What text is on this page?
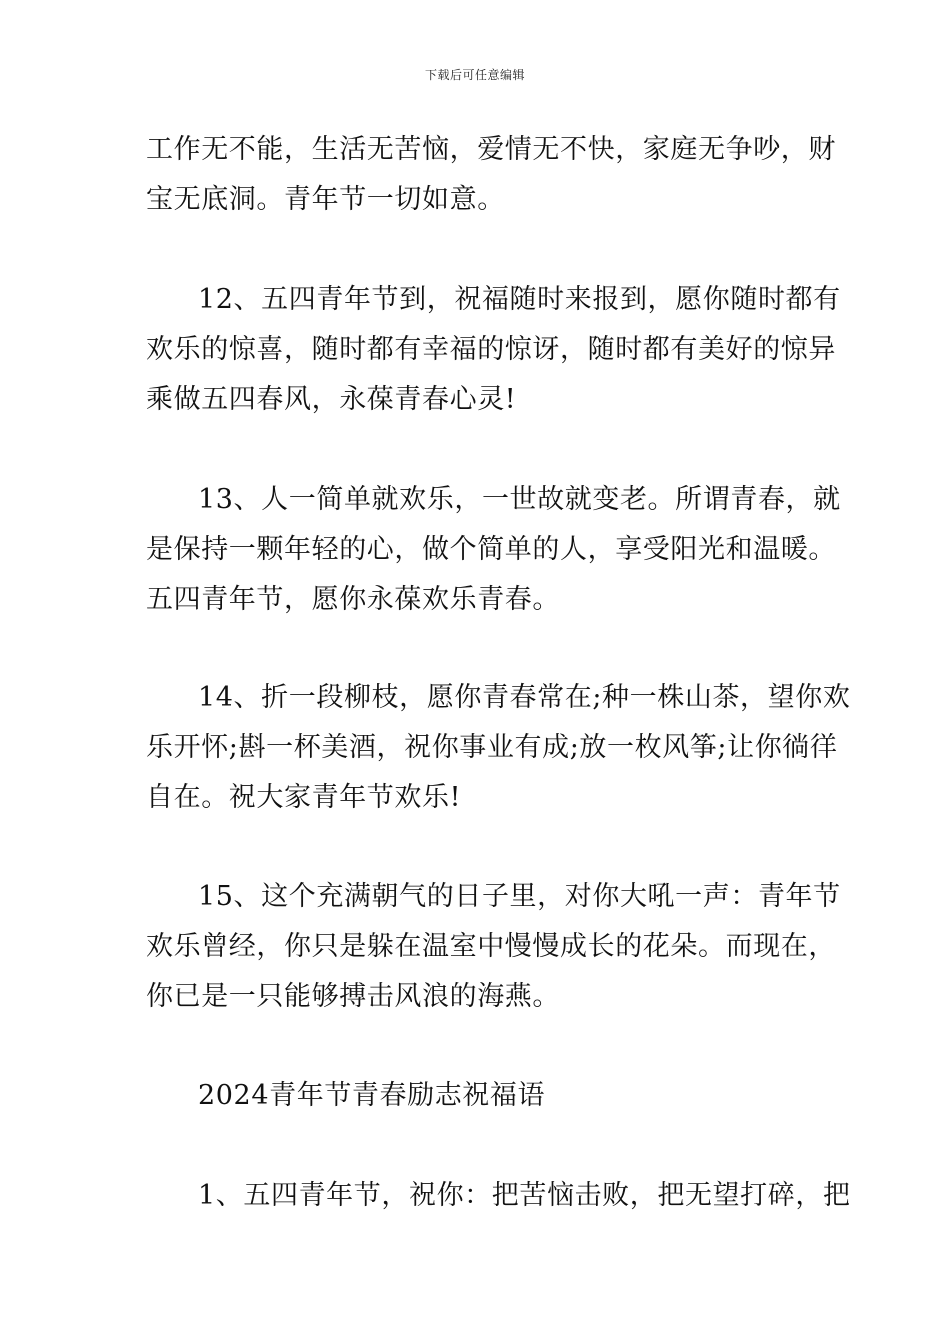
下载后可任意编辑
工作无不能，生活无苦恼，爱情无不快，家庭无争吵，财
宝无底洞。青年节一切如意。
12、五四青年节到，祝福随时来报到，愿你随时都有
欢乐的惊喜，随时都有幸福的惊讶，随时都有美好的惊异
乘做五四春风，永葆青春心灵!
13、人一简单就欢乐，一世故就变老。所谓青春，就
是保持一颗年轻的心，做个简单的人，享受阳光和温暖。
五四青年节，愿你永葆欢乐青春。
14、折一段柳枝，愿你青春常在;种一株山茶，望你欢
乐开怀;斟一杯美酒，祝你事业有成;放一枚风筝;让你徜徉
自在。祝大家青年节欢乐!
15、这个充满朝气的日子里，对你大吼一声：青年节
欢乐曾经，你只是躲在温室中慢慢成长的花朵。而现在，
你已是一只能够搏击风浪的海燕。
2024青年节青春励志祝福语
1、五四青年节，祝你：把苦恼击败，把无望打碎，把
